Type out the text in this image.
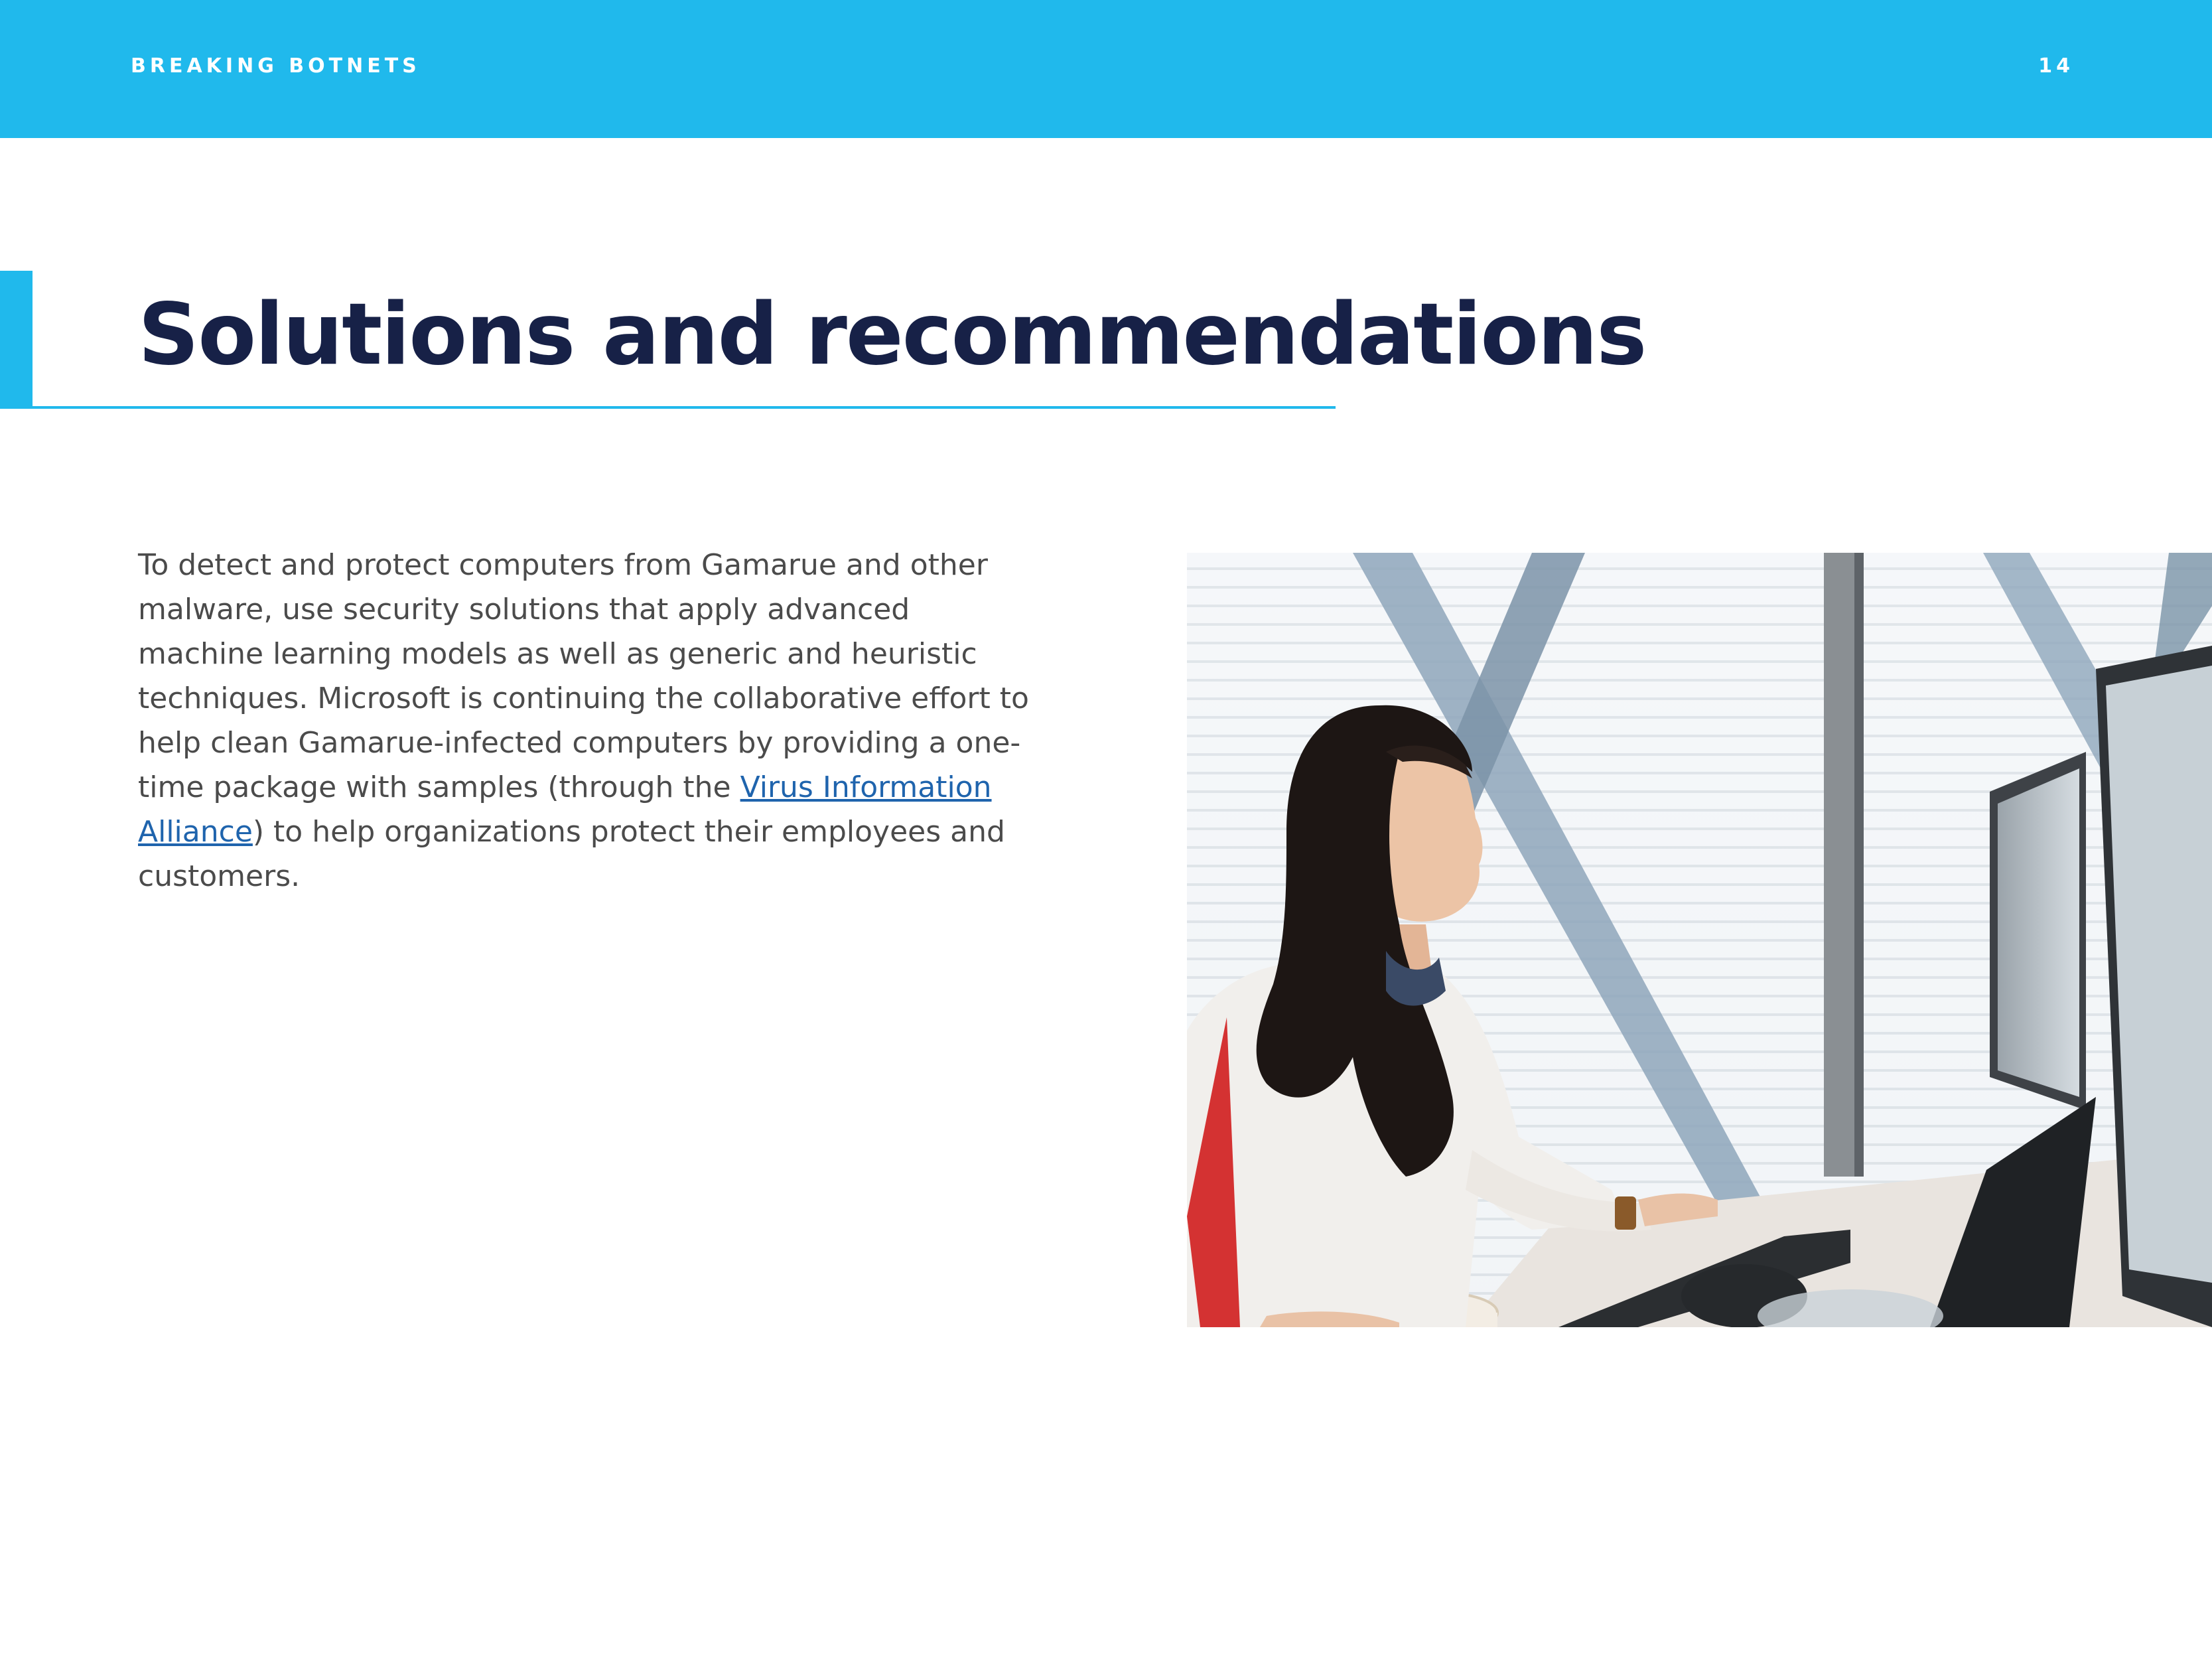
BREAKING BOTNETS	14
Solutions and recommendations

To detect and protect computers from Gamarue and other malware, use security solutions that apply advanced machine learning models as well as generic and heuristic techniques. Microsoft is continuing the collaborative effort to help clean Gamarue-infected computers by providing a one-time package with samples (through the Virus Information Alliance) to help organizations protect their employees and customers.
